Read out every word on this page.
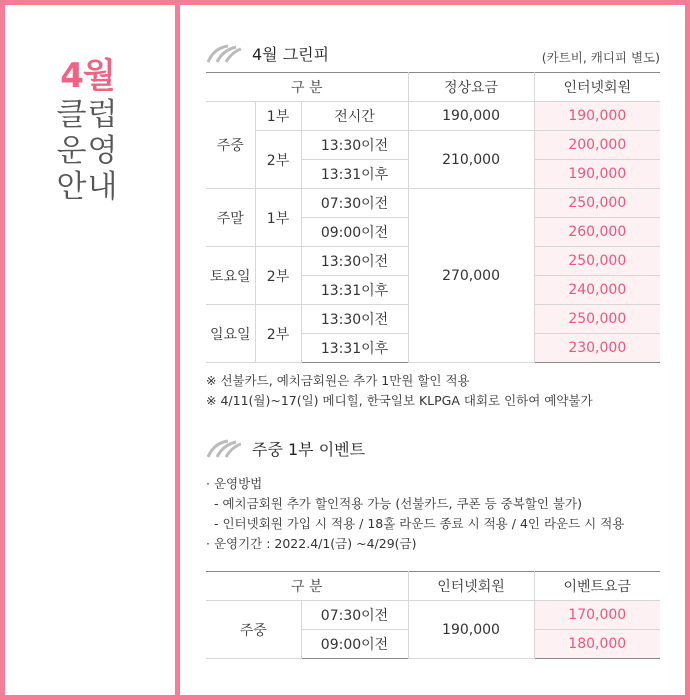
4월
클럽
운영
안내
4월 그린피	(카트비, 캐디피 별도)
구 분			정상요금	인터넷회원
주중	1부	전시간	190,000	190,000
	2부	13:30이전	210,000	200,000
		13:31이후		190,000
주말	1부	07:30이전	270,000	250,000
		09:00이전		260,000
토요일	2부	13:30이전		250,000
		13:31이후		240,000
일요일	2부	13:30이전		250,000
		13:31이후		230,000
※ 선불카드, 예치금회원은 추가 1만원 할인 적용
※ 4/11(월)~17(일) 메디힐, 한국일보 KLPGA 대회로 인하여 예약불가
주중 1부 이벤트
· 운영방법
- 예치금회원 추가 할인적용 가능 (선불카드, 쿠폰 등 중복할인 불가)
- 인터넷회원 가입 시 적용 / 18홀 라운드 종료 시 적용 / 4인 라운드 시 적용
· 운영기간 : 2022.4/1(금) ~4/29(금)
구 분		인터넷회원	이벤트요금
주중	07:30이전	190,000	170,000
	09:00이전		180,000
